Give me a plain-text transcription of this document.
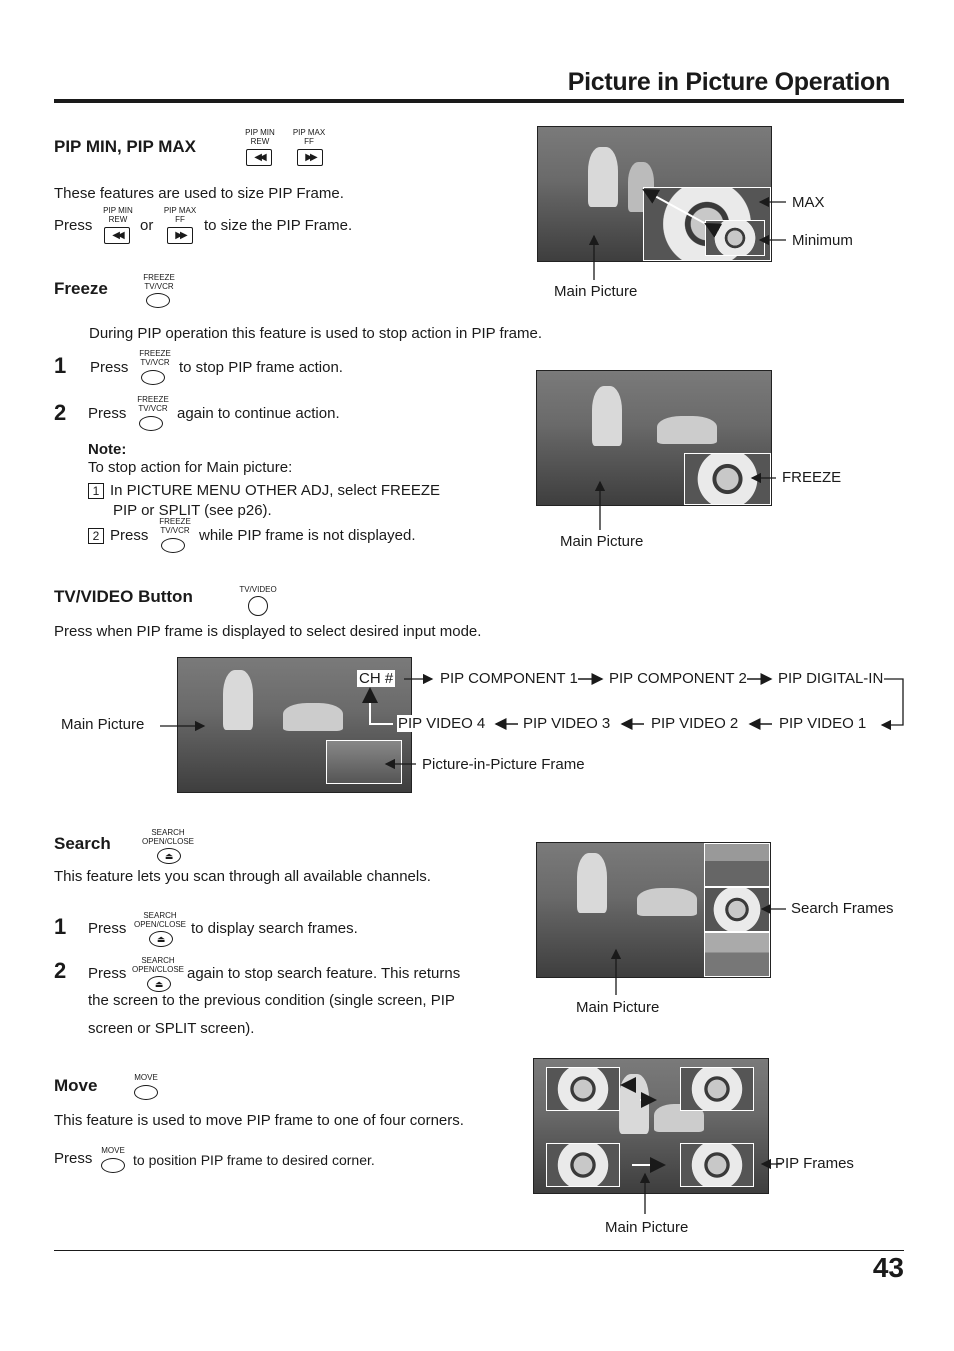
Picture in Picture Operation
PIP MIN, PIP MAX
PIP MIN
REW
◀◀
PIP MAX
FF
▶▶
These features are used to size PIP Frame.
Press
PIP MIN
REW
◀◀
or
PIP MAX
FF
▶▶
to size the PIP Frame.
MAX
Minimum
Main Picture
Freeze
FREEZE
TV/VCR
During PIP operation this feature is used to stop action in PIP frame.
1 Press
FREEZE
TV/VCR to stop PIP frame action.
2 Press
FREEZE
TV/VCR again to continue action.
Note:
To stop action for Main picture:
1 In PICTURE MENU OTHER ADJ, select FREEZE
PIP or SPLIT (see p26).
2 Press
FREEZE
TV/VCR while PIP frame is not displayed.
FREEZE
Main Picture
TV/VIDEO Button	TV/VIDEO
Press when PIP frame is displayed to select desired input mode.
Main Picture
CH #	PIP COMPONENT 1 PIP COMPONENT 2 PIP DIGITAL-IN
PIP VIDEO 4	PIP VIDEO 3	PIP VIDEO 2	PIP VIDEO 1
Picture-in-Picture Frame
Search
SEARCH
OPEN/CLOSE
⏏
This feature lets you scan through all available channels.
1 Press
SEARCH
OPEN/CLOSE
⏏
to display search frames.
2 Press
SEARCH
OPEN/CLOSE
⏏
again to stop search feature. This returns
the screen to the previous condition (single screen, PIP
screen or SPLIT screen).
Search Frames
Main Picture
Move	MOVE
This feature is used to move PIP frame to one of four corners.
Press	MOVE
to position PIP frame to desired corner.	PIP Frames
Main Picture
43
